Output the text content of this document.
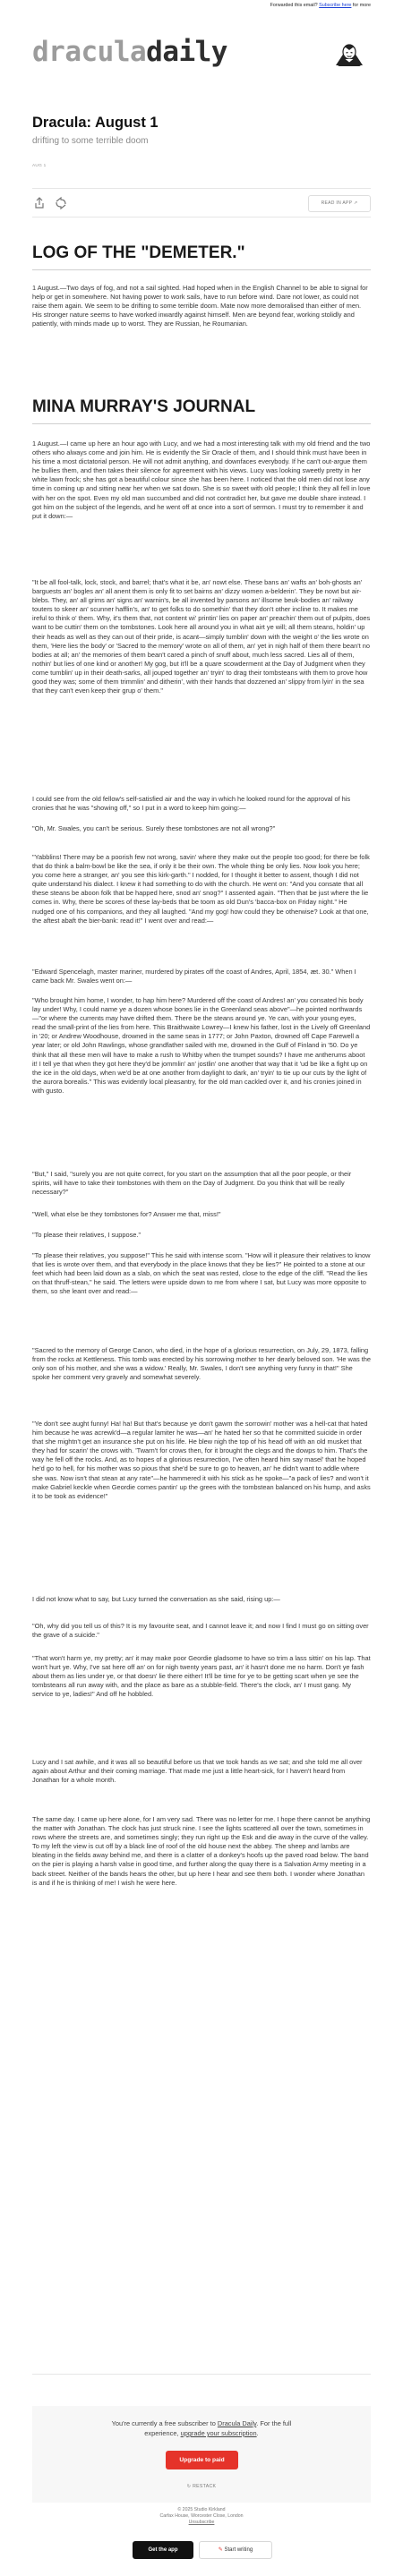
Forwarded this email? Subscribe here for more
draculadaily
Dracula: August 1
drifting to some terrible doom
AUG 1
READ IN APP ↗
LOG OF THE "DEMETER."

1 August.—Two days of fog, and not a sail sighted. Had hoped when in the English Channel to be able to signal for help or get in somewhere. Not having power to work sails, have to run before wind. Dare not lower, as could not raise them again. We seem to be drifting to some terrible doom. Mate now more demoralised than either of men. His stronger nature seems to have worked inwardly against himself. Men are beyond fear, working stolidly and patiently, with minds made up to worst. They are Russian, he Roumanian.

MINA MURRAY'S JOURNAL

1 August.—I came up here an hour ago with Lucy, and we had a most interesting talk with my old friend and the two others who always come and join him. He is evidently the Sir Oracle of them, and I should think must have been in his time a most dictatorial person. He will not admit anything, and downfaces everybody. If he can't out-argue them he bullies them, and then takes their silence for agreement with his views. Lucy was looking sweetly pretty in her white lawn frock; she has got a beautiful colour since she has been here. I noticed that the old men did not lose any time in coming up and sitting near her when we sat down. She is so sweet with old people; I think they all fell in love with her on the spot. Even my old man succumbed and did not contradict her, but gave me double share instead. I got him on the subject of the legends, and he went off at once into a sort of sermon. I must try to remember it and put it down:—

"It be all fool-talk, lock, stock, and barrel; that's what it be, an' nowt else. These bans an' wafts an' boh-ghosts an' barguests an' bogles an' all anent them is only fit to set bairns an' dizzy women a-belderin'. They be nowt but air-blebs. They, an' all grims an' signs an' warnin's, be all invented by parsons an' illsome beuk-bodies an' railway touters to skeer an' scunner hafflin's, an' to get folks to do somethin' that they don't other incline to. It makes me ireful to think o' them. Why, it's them that, not content wi' printin' lies on paper an' preachin' them out of pulpits, does want to be cuttin' them on the tombstones. Look here all around you in what airt ye will; all them steans, holdin' up their heads as well as they can out of their pride, is acant—simply tumblin' down with the weight o' the lies wrote on them, 'Here lies the body' or 'Sacred to the memory' wrote on all of them, an' yet in nigh half of them there bean't no bodies at all; an' the memories of them bean't cared a pinch of snuff about, much less sacred. Lies all of them, nothin' but lies of one kind or another! My gog, but it'll be a quare scowderment at the Day of Judgment when they come tumblin' up in their death-sarks, all jouped together an' tryin' to drag their tombsteans with them to prove how good they was; some of them trimmlin' and ditherin', with their hands that dozzened an' slippy from lyin' in the sea that they can't even keep their grup o' them."

I could see from the old fellow's self-satisfied air and the way in which he looked round for the approval of his cronies that he was "showing off," so I put in a word to keep him going:—

"Oh, Mr. Swales, you can't be serious. Surely these tombstones are not all wrong?"

"Yabblins! There may be a poorish few not wrong, savin' where they make out the people too good; for there be folk that do think a balm-bowl be like the sea, if only it be their own. The whole thing be only lies. Now look you here; you come here a stranger, an' you see this kirk-garth." I nodded, for I thought it better to assent, though I did not quite understand his dialect. I knew it had something to do with the church. He went on: "And you consate that all these steans be aboon folk that be happed here, snod an' snog?" I assented again. "Then that be just where the lie comes in. Why, there be scores of these lay-beds that be toom as old Dun's 'baccа-box on Friday night." He nudged one of his companions, and they all laughed. "And my gog! how could they be otherwise? Look at that one, the aftest abaft the bier-bank: read it!" I went over and read:—

"Edward Spencelagh, master mariner, murdered by pirates off the coast of Andres, April, 1854, æt. 30." When I came back Mr. Swales went on:—

"Who brought him home, I wonder, to hap him here? Murdered off the coast of Andres! an' you consated his body lay under! Why, I could name ye a dozen whose bones lie in the Greenland seas above"—he pointed northwards—"or where the currents may have drifted them. There be the steans around ye. Ye can, with your young eyes, read the small-print of the lies from here. This Braithwaite Lowrey—I knew his father, lost in the Lively off Greenland in '20; or Andrew Woodhouse, drowned in the same seas in 1777; or John Paxton, drowned off Cape Farewell a year later; or old John Rawlings, whose grandfather sailed with me, drowned in the Gulf of Finland in '50. Do ye think that all these men will have to make a rush to Whitby when the trumpet sounds? I have me antherums aboot it! I tell ye that when they got here they'd be jommlin' an' jostlin' one another that way that it 'ud be like a fight up on the ice in the old days, when we'd be at one another from daylight to dark, an' tryin' to tie up our cuts by the light of the aurora borealis." This was evidently local pleasantry, for the old man cackled over it, and his cronies joined in with gusto.

"But," I said, "surely you are not quite correct, for you start on the assumption that all the poor people, or their spirits, will have to take their tombstones with them on the Day of Judgment. Do you think that will be really necessary?"

"Well, what else be they tombstones for? Answer me that, miss!"

"To please their relatives, I suppose."

"To please their relatives, you suppose!" This he said with intense scorn. "How will it pleasure their relatives to know that lies is wrote over them, and that everybody in the place knows that they be lies?" He pointed to a stone at our feet which had been laid down as a slab, on which the seat was rested, close to the edge of the cliff. "Read the lies on that thruff-stean," he said. The letters were upside down to me from where I sat, but Lucy was more opposite to them, so she leant over and read:—

"Sacred to the memory of George Canon, who died, in the hope of a glorious resurrection, on July, 29, 1873, falling from the rocks at Kettleness. This tomb was erected by his sorrowing mother to her dearly beloved son. 'He was the only son of his mother, and she was a widow.' Really, Mr. Swales, I don't see anything very funny in that!" She spoke her comment very gravely and somewhat severely.

"Ye don't see aught funny! Ha! ha! But that's because ye don't gawm the sorrowin' mother was a hell-cat that hated him because he was acrewk'd—a regular lamiter he was—an' he hated her so that he committed suicide in order that she mightn't get an insurance she put on his life. He blew nigh the top of his head off with an old musket that they had for scarin' the crows with. 'Twarn't for crows then, for it brought the clegs and the dowps to him. That's the way he fell off the rocks. And, as to hopes of a glorious resurrection, I've often heard him say masel' that he hoped he'd go to hell, for his mother was so pious that she'd be sure to go to heaven, an' he didn't want to addle where she was. Now isn't that stean at any rate"—he hammered it with his stick as he spoke—"a pack of lies? and won't it make Gabriel keckle when Geordie comes pantin' up the grees with the tombstean balanced on his hump, and asks it to be took as evidence!"

I did not know what to say, but Lucy turned the conversation as she said, rising up:—

"Oh, why did you tell us of this? It is my favourite seat, and I cannot leave it; and now I find I must go on sitting over the grave of a suicide."

"That won't harm ye, my pretty; an' it may make poor Geordie gladsome to have so trim a lass sittin' on his lap. That won't hurt ye. Why, I've sat here off an' on for nigh twenty years past, an' it hasn't done me no harm. Don't ye fash about them as lies under ye, or that doesn' lie there either! It'll be time for ye to be getting scart when ye see the tombsteans all run away with, and the place as bare as a stubble-field. There's the clock, an' I must gang. My service to ye, ladies!" And off he hobbled.

Lucy and I sat awhile, and it was all so beautiful before us that we took hands as we sat; and she told me all over again about Arthur and their coming marriage. That made me just a little heart-sick, for I haven't heard from Jonathan for a whole month.

The same day. I came up here alone, for I am very sad. There was no letter for me. I hope there cannot be anything the matter with Jonathan. The clock has just struck nine. I see the lights scattered all over the town, sometimes in rows where the streets are, and sometimes singly; they run right up the Esk and die away in the curve of the valley. To my left the view is cut off by a black line of roof of the old house next the abbey. The sheep and lambs are bleating in the fields away behind me, and there is a clatter of a donkey's hoofs up the paved road below. The band on the pier is playing a harsh valse in good time, and further along the quay there is a Salvation Army meeting in a back street. Neither of the bands hears the other, but up here I hear and see them both. I wonder where Jonathan is and if he is thinking of me! I wish he were here.

You're currently a free subscriber to Dracula Daily. For the full
experience, upgrade your subscription.
Upgrade to paid
↻ RESTACK
© 2025 Studio Kirkland
Carfax House, Worcester Close, London
Unsubscribe
Get the app	✎ Start writing
